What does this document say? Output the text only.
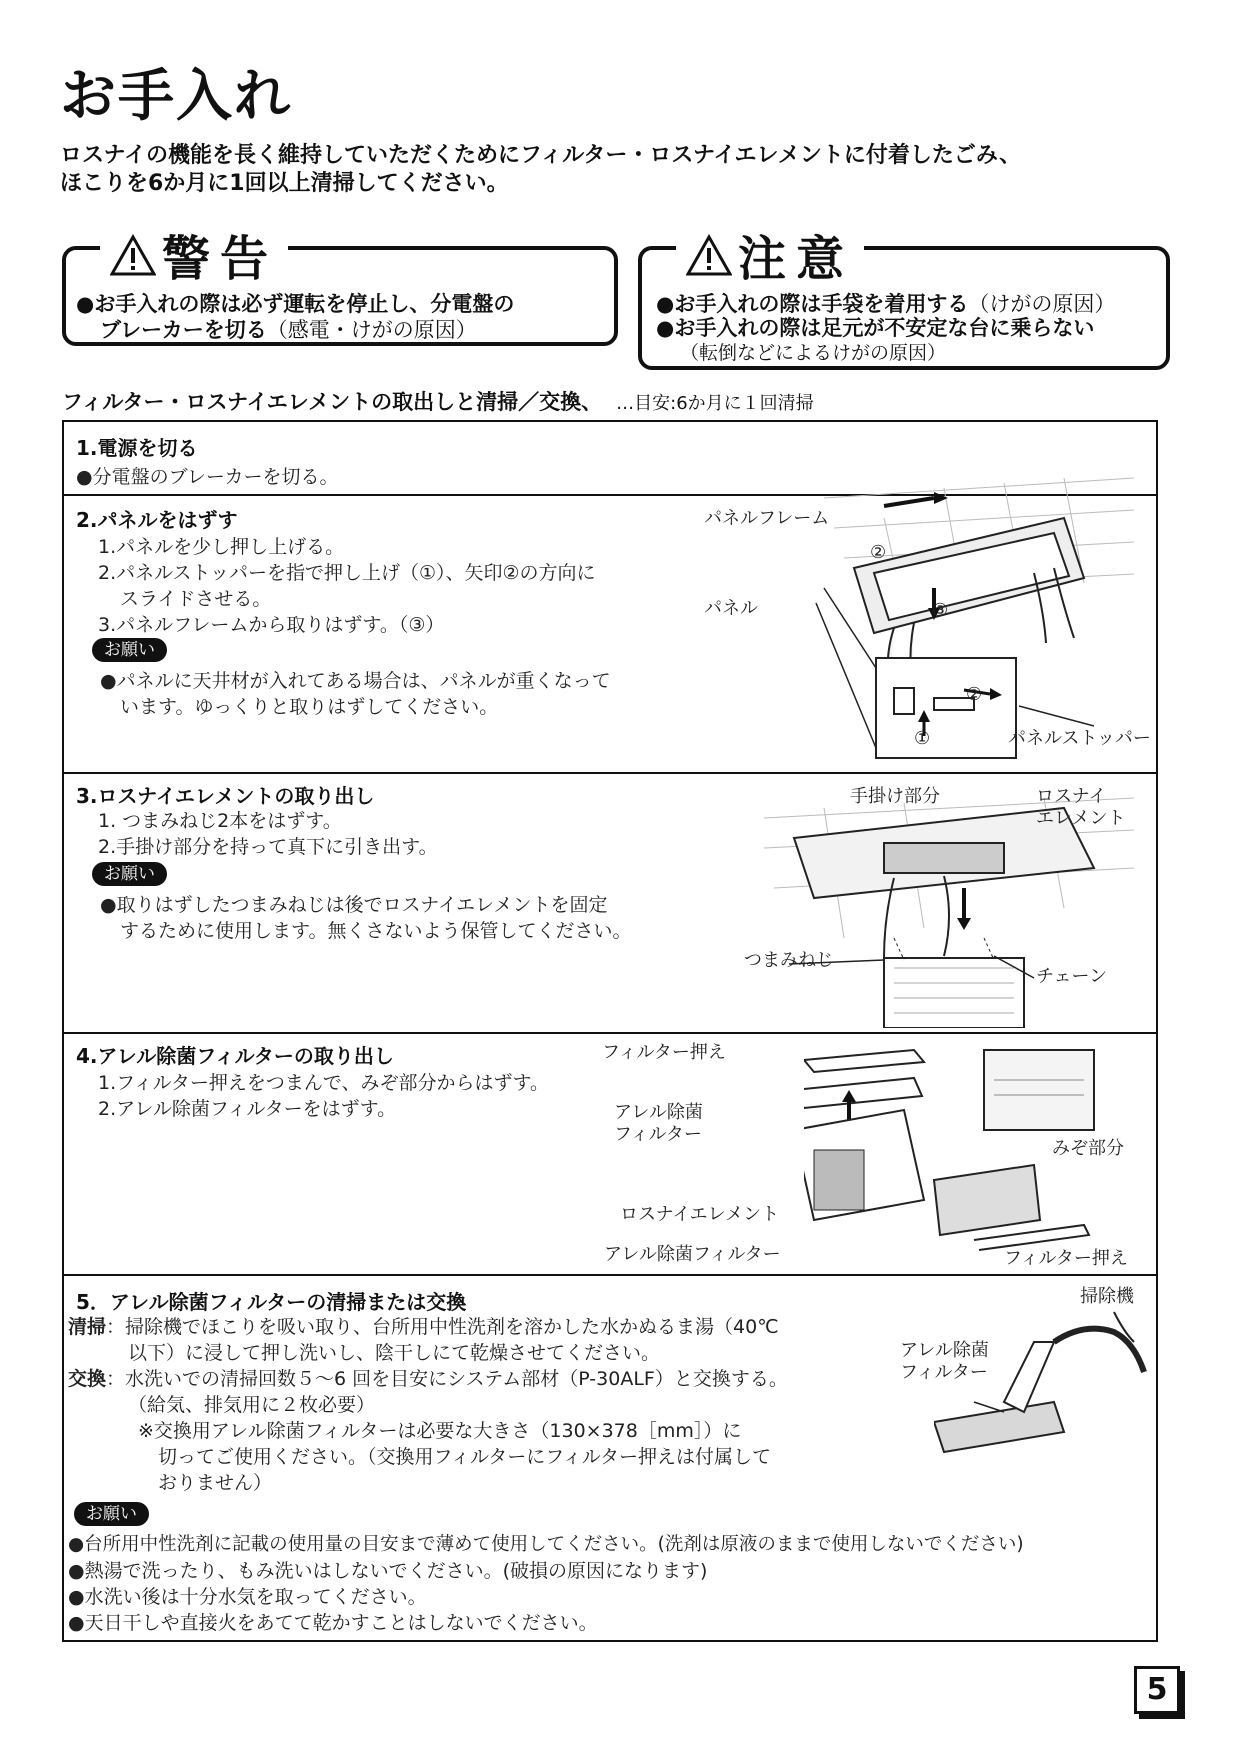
お手入れ
ロスナイの機能を長く維持していただくためにフィルター・ロスナイエレメントに付着したごみ、
ほこりを6か月に1回以上清掃してください。
警告
●お手入れの際は必ず運転を停止し、分電盤の
ブレーカーを切る（感電・けがの原因）
注意
●お手入れの際は手袋を着用する（けがの原因）
●お手入れの際は足元が不安定な台に乗らない
（転倒などによるけがの原因）
フィルター・ロスナイエレメントの取出しと清掃／交換、 …目安:6か月に１回清掃
1.電源を切る
●分電盤のブレーカーを切る。
2.パネルをはずす
1.パネルを少し押し上げる。
2.パネルストッパーを指で押し上げ（①）、矢印②の方向に
スライドさせる。
3.パネルフレームから取りはずす。（③）
お願い
●パネルに天井材が入れてある場合は、パネルが重くなって
います。ゆっくりと取りはずしてください。
パネルフレーム
パネル
パネルストッパー
②
③
②
①
3.ロスナイエレメントの取り出し
1. つまみねじ2本をはずす。
2.手掛け部分を持って真下に引き出す。
お願い
●取りはずしたつまみねじは後でロスナイエレメントを固定
するために使用します。無くさないよう保管してください。
手掛け部分	ロスナイ
エレメント
つまみねじ
チェーン
4.アレル除菌フィルターの取り出し
1.フィルター押えをつまんで、みぞ部分からはずす。
2.アレル除菌フィルターをはずす。
フィルター押え
アレル除菌
フィルター
みぞ部分
ロスナイエレメント
アレル除菌フィルター	フィルター押え
5．アレル除菌フィルターの清掃または交換
清掃：掃除機でほこりを吸い取り、台所用中性洗剤を溶かした水かぬるま湯（40℃
以下）に浸して押し洗いし、陰干しにて乾燥させてください。
交換：水洗いでの清掃回数５～6 回を目安にシステム部材（P-30ALF）と交換する。
（給気、排気用に２枚必要）
※交換用アレル除菌フィルターは必要な大きさ（130×378［mm］）に
切ってご使用ください。（交換用フィルターにフィルター押えは付属して
おりません）
お願い
●台所用中性洗剤に記載の使用量の目安まで薄めて使用してください。(洗剤は原液のままで使用しないでください)
●熱湯で洗ったり、もみ洗いはしないでください。(破損の原因になります)
●水洗い後は十分水気を取ってください。
●天日干しや直接火をあてて乾かすことはしないでください。
掃除機
アレル除菌
フィルター
5
